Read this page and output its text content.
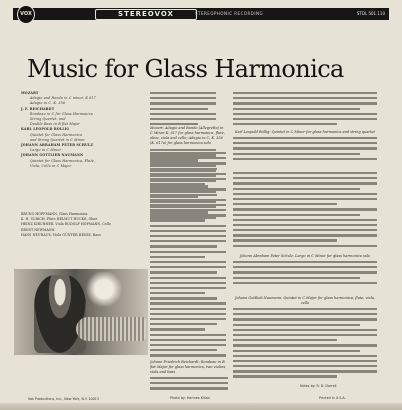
VOX	STEREOVOX	STEREOPHONIC RECORDING	STDL 501.110
Music for Glass Harmonica
MOZART
Adagio and Rondo in C minor, K 617
Adagio in C, K. 356
J. F. REICHARDT
Rondeau in C for Glass Harmonica
String Quartet, and
Double Bass in B flat Major
KARL LEOPOLD RÖLLIG
Quintet for Glass Harmonica
and String Quartet in C Minor
JOHANN ABRAHAM PETER SCHULZ
Largo in C Minor
JOHANN GOTTLIEB NAUMANN
Quintet for Glass Harmonica, Flute,
Viola, Cello in C Major
BRUNO HOFFMANN, Glass Harmonica
K. H. ULRICH, Flute HELMUT HUCKE, Oboe
HEINZ KIRCHNER, Viola RUDOLF HOFMANN, Cello
ERNST NEWMANN
HANS NEUHAUS, Viola GÜNTER HESSE, Bass
Mozart: Adagio and Rondo (Allegretto) in C Minor K. 617 for glass harmonica, flute, oboe, viola and cello; Adagio in C, K. 356 (K. 617a) for glass harmonica solo
Johann Friedrich Reichardt: Rondeau in B flat Major for glass harmonica, two violins, viola and bass
Karl Leopold Röllig: Quintet in C Minor for glass harmonica and string quartet
Johann Abraham Peter Schulz: Largo in C Minor for glass harmonica solo
Johann Gottlieb Naumann: Quintet in C Major for glass harmonica, flute, viola, cello
Vox Productions, Inc., New York, N.Y. 10013	Photo by: Hannes Kilian	Printed in U.S.A.
Notes by: R. D. Darrell
